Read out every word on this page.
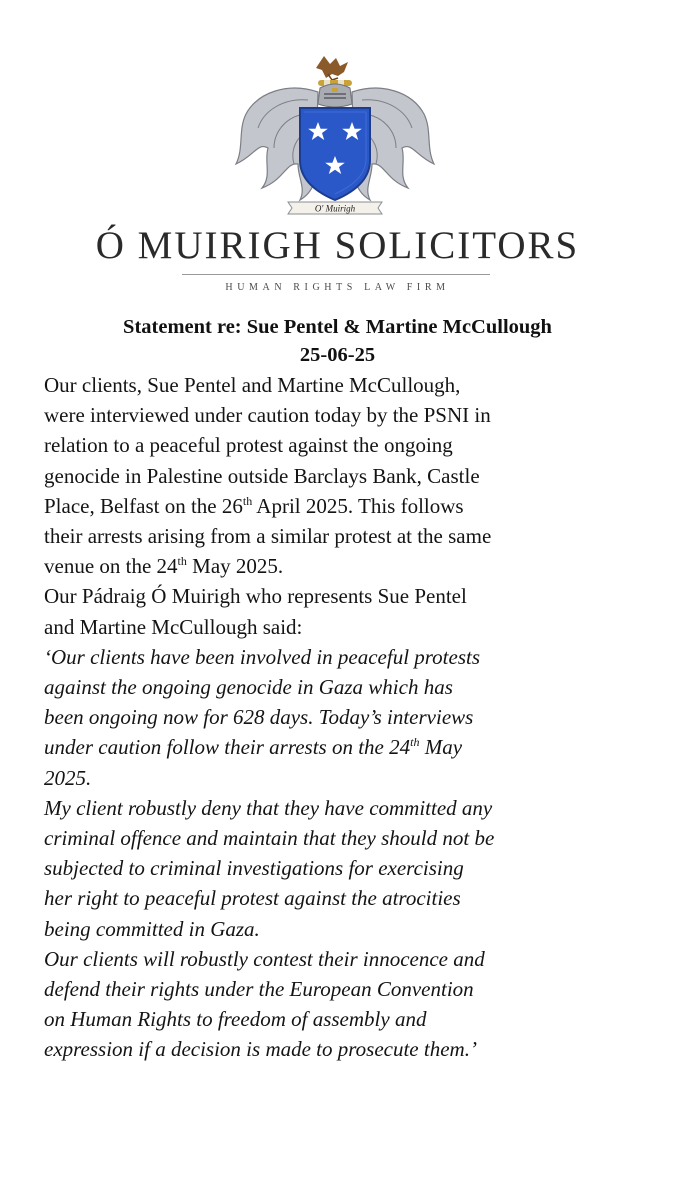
O' Muirigh
Ó MUIRIGH SOLICITORS
HUMAN RIGHTS LAW FIRM
Statement re: Sue Pentel & Martine McCullough
25-06-25
Our clients, Sue Pentel and Martine McCullough,
were interviewed under caution today by the PSNI in
relation to a peaceful protest against the ongoing
genocide in Palestine outside Barclays Bank, Castle
Place, Belfast on the 26th April 2025. This follows
their arrests arising from a similar protest at the same
venue on the 24th May 2025.
Our Pádraig Ó Muirigh who represents Sue Pentel
and Martine McCullough said:
‘Our clients have been involved in peaceful protests
against the ongoing genocide in Gaza which has
been ongoing now for 628 days. Today’s interviews
under caution follow their arrests on the 24th May
2025.
My client robustly deny that they have committed any
criminal offence and maintain that they should not be
subjected to criminal investigations for exercising
her right to peaceful protest against the atrocities
being committed in Gaza.
Our clients will robustly contest their innocence and
defend their rights under the European Convention
on Human Rights to freedom of assembly and
expression if a decision is made to prosecute them.’
